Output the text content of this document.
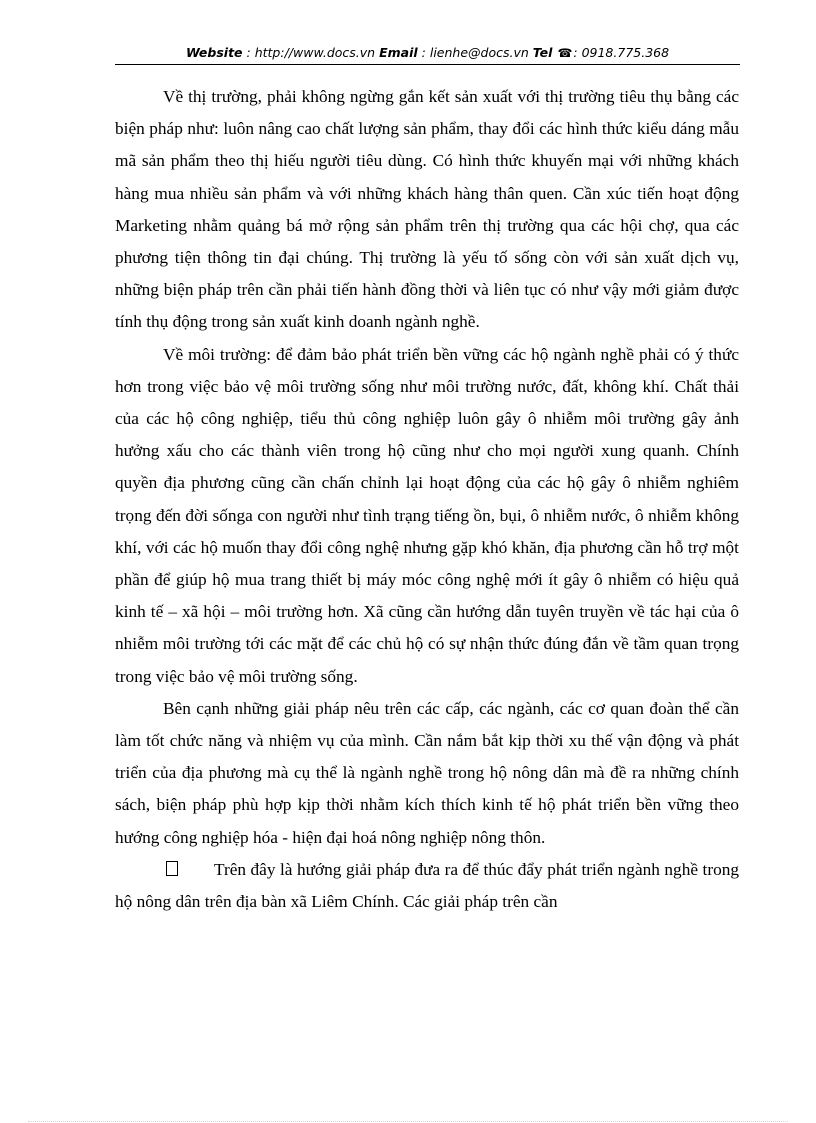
Website : http://www.docs.vn Email : lienhe@docs.vn Tel ☎: 0918.775.368

Về thị trường, phải không ngừng gắn kết sản xuất với thị trường tiêu thụ bằng các biện pháp như: luôn nâng cao chất lượng sản phẩm, thay đổi các hình thức kiểu dáng mẫu mã sản phẩm theo thị hiếu người tiêu dùng. Có hình thức khuyến mại với những khách hàng mua nhiều sản phẩm và với những khách hàng thân quen. Cần xúc tiến hoạt động Marketing nhằm quảng bá mở rộng sản phẩm trên thị trường qua các hội chợ, qua các phương tiện thông tin đại chúng. Thị trường là yếu tố sống còn với sản xuất dịch vụ, những biện pháp trên cần phải tiến hành đồng thời và liên tục có như vậy mới giảm được tính thụ động trong sản xuất kinh doanh ngành nghề.

Về môi trường: để đảm bảo phát triển bền vững các hộ ngành nghề phải có ý thức hơn trong việc bảo vệ môi trường sống như môi trường nước, đất, không khí. Chất thải của các hộ công nghiệp, tiểu thủ công nghiệp luôn gây ô nhiễm môi trường gây ảnh hưởng xấu cho các thành viên trong hộ cũng như cho mọi người xung quanh. Chính quyền địa phương cũng cần chấn chỉnh lại hoạt động của các hộ gây ô nhiễm nghiêm trọng đến đời sốnga con người như tình trạng tiếng ồn, bụi, ô nhiễm nước, ô nhiễm không khí, với các hộ muốn thay đổi công nghệ nhưng gặp khó khăn, địa phương cần hỗ trợ một phần để giúp hộ mua trang thiết bị máy móc công nghệ mới ít gây ô nhiễm có hiệu quả kinh tế – xã hội – môi trường hơn. Xã cũng cần hướng dẫn tuyên truyền về tác hại của ô nhiễm môi trường tới các mặt để các chủ hộ có sự nhận thức đúng đắn về tầm quan trọng trong việc bảo vệ môi trường sống.

Bên cạnh những giải pháp nêu trên các cấp, các ngành, các cơ quan đoàn thể cần làm tốt chức năng và nhiệm vụ của mình. Cần nắm bắt kịp thời xu thế vận động và phát triển của địa phương mà cụ thể là ngành nghề trong hộ nông dân mà đề ra những chính sách, biện pháp phù hợp kịp thời nhằm kích thích kinh tế hộ phát triển bền vững theo hướng công nghiệp hóa - hiện đại hoá nông nghiệp nông thôn.

Trên đây là hướng giải pháp đưa ra để thúc đẩy phát triển ngành nghề trong hộ nông dân trên địa bàn xã Liêm Chính. Các giải pháp trên cần
